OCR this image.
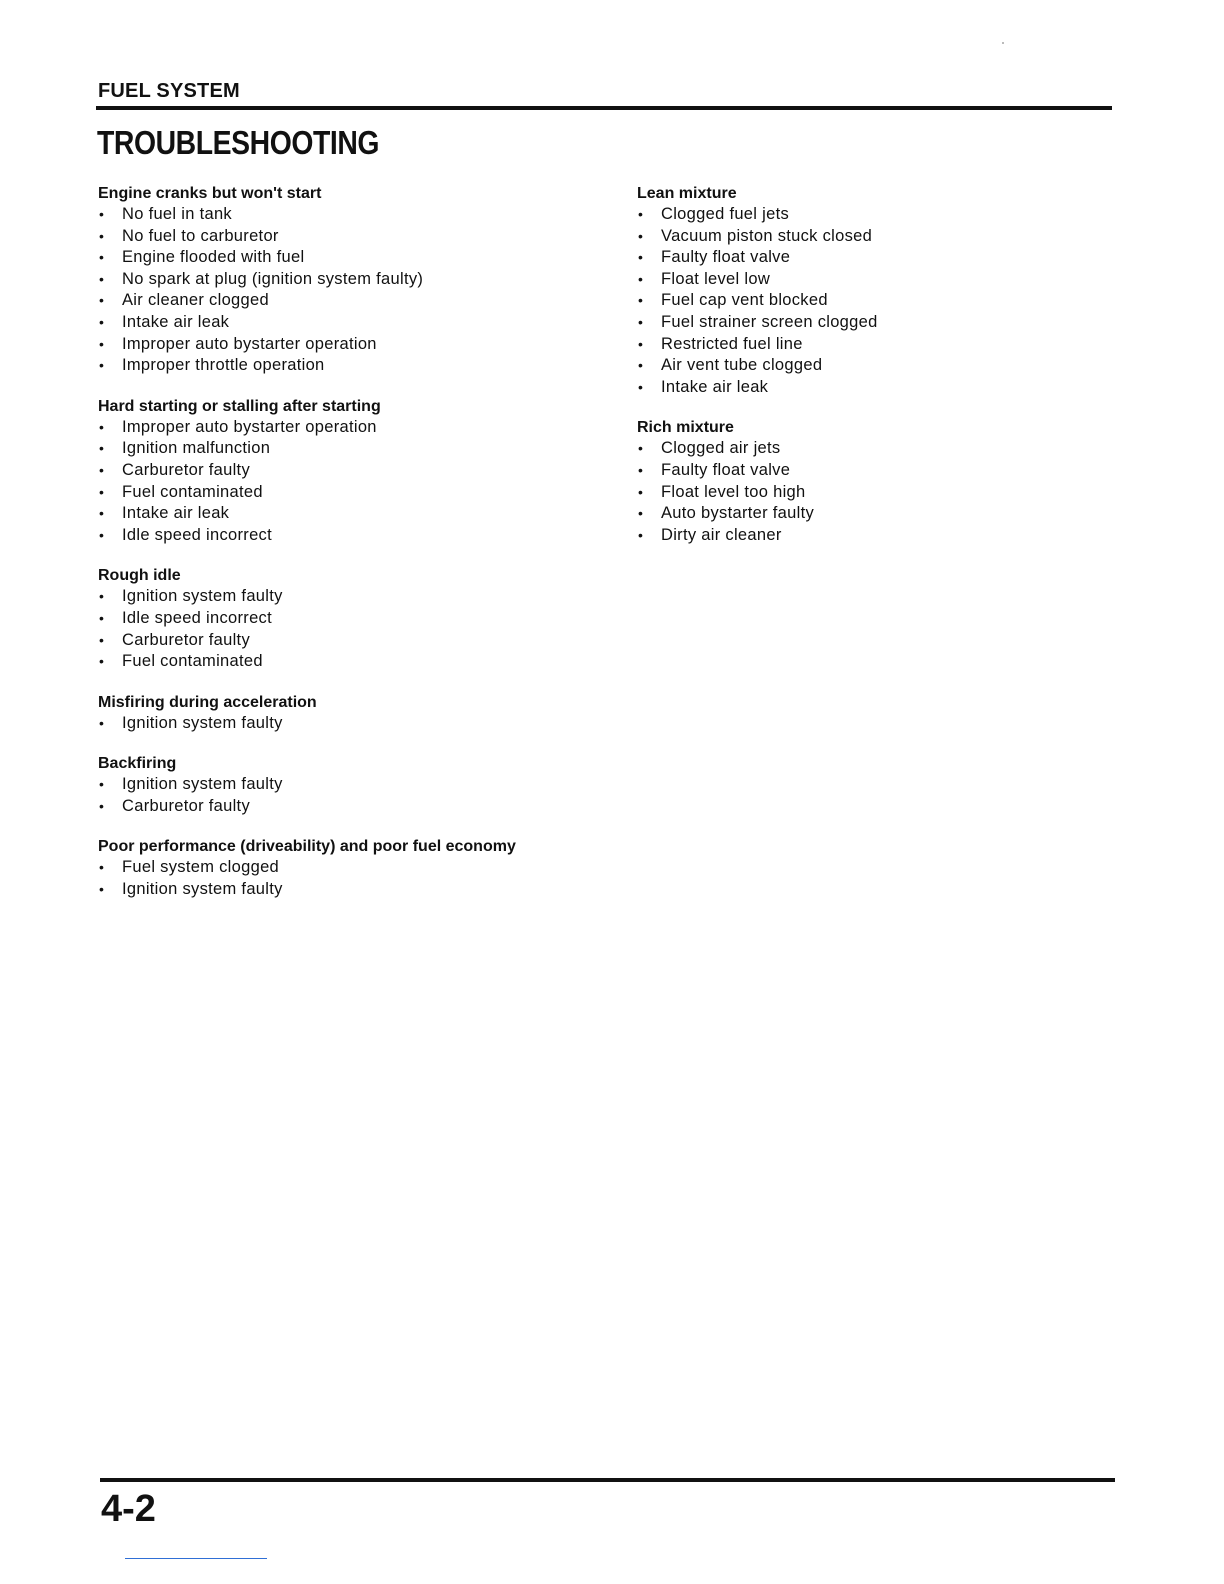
FUEL SYSTEM
TROUBLESHOOTING
Engine cranks but won't start
• No fuel in tank
• No fuel to carburetor
• Engine flooded with fuel
• No spark at plug (ignition system faulty)
• Air cleaner clogged
• Intake air leak
• Improper auto bystarter operation
• Improper throttle operation
Hard starting or stalling after starting
• Improper auto bystarter operation
• Ignition malfunction
• Carburetor faulty
• Fuel contaminated
• Intake air leak
• Idle speed incorrect
Rough idle
• Ignition system faulty
• Idle speed incorrect
• Carburetor faulty
• Fuel contaminated
Misfiring during acceleration
• Ignition system faulty
Backfiring
• Ignition system faulty
• Carburetor faulty
Poor performance (driveability) and poor fuel economy
• Fuel system clogged
• Ignition system faulty
Lean mixture
• Clogged fuel jets
• Vacuum piston stuck closed
• Faulty float valve
• Float level low
• Fuel cap vent blocked
• Fuel strainer screen clogged
• Restricted fuel line
• Air vent tube clogged
• Intake air leak
Rich mixture
• Clogged air jets
• Faulty float valve
• Float level too high
• Auto bystarter faulty
• Dirty air cleaner
4-2
